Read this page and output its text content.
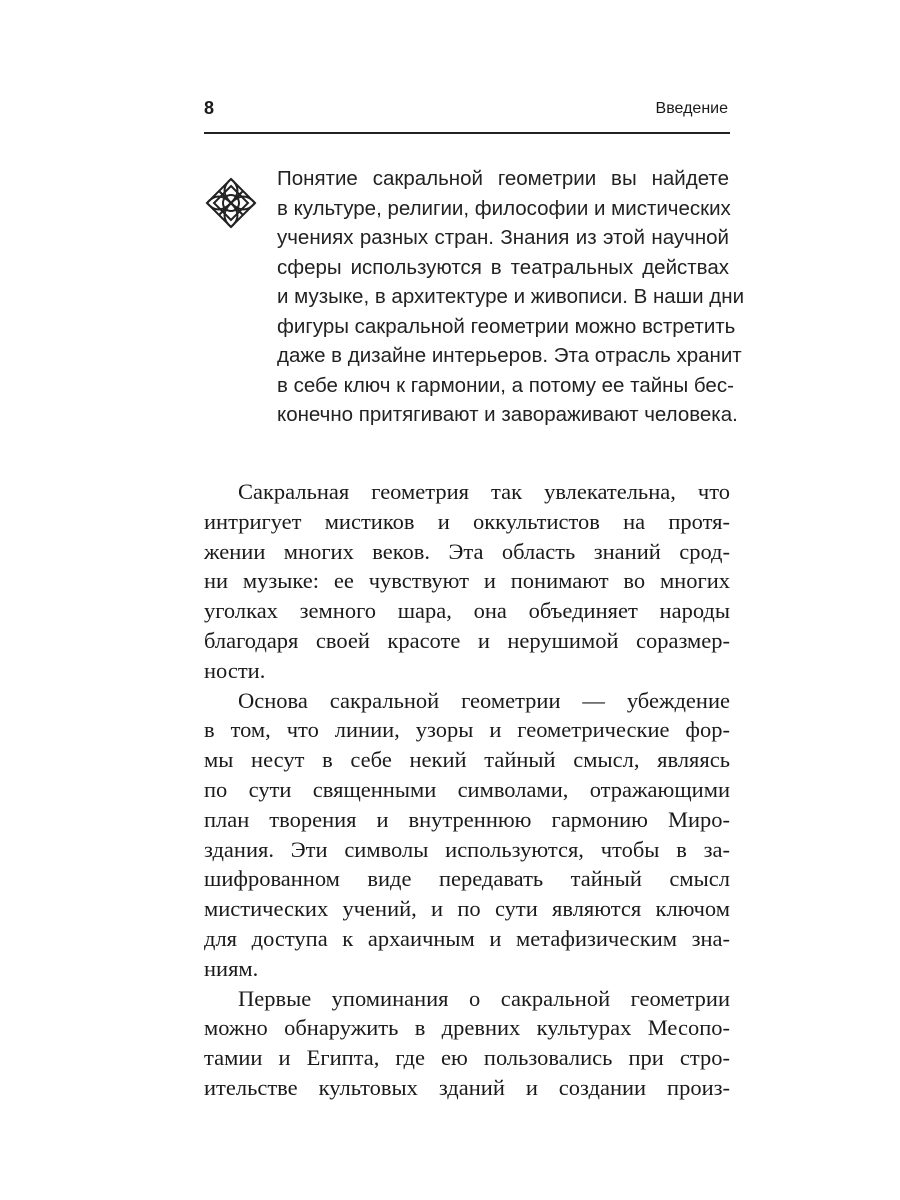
8	Введение
Понятие сакральной геометрии вы найдете
в культуре, религии, философии и мистических
учениях разных стран. Знания из этой научной
сферы используются в театральных действах
и музыке, в архитектуре и живописи. В наши дни
фигуры сакральной геометрии можно встретить
даже в дизайне интерьеров. Эта отрасль хранит
в себе ключ к гармонии, а потому ее тайны бес-
конечно притягивают и завораживают человека.
Сакральная геометрия так увлекательна, что
интригует мистиков и оккультистов на протя-
жении многих веков. Эта область знаний срод-
ни музыке: ее чувствуют и понимают во многих
уголках земного шара, она объединяет народы
благодаря своей красоте и нерушимой соразмер-
ности.
Основа сакральной геометрии — убеждение
в том, что линии, узоры и геометрические фор-
мы несут в себе некий тайный смысл, являясь
по сути священными символами, отражающими
план творения и внутреннюю гармонию Миро-
здания. Эти символы используются, чтобы в за-
шифрованном виде передавать тайный смысл
мистических учений, и по сути являются ключом
для доступа к архаичным и метафизическим зна-
ниям.
Первые упоминания о сакральной геометрии
можно обнаружить в древних культурах Месопо-
тамии и Египта, где ею пользовались при стро-
ительстве культовых зданий и создании произ-
